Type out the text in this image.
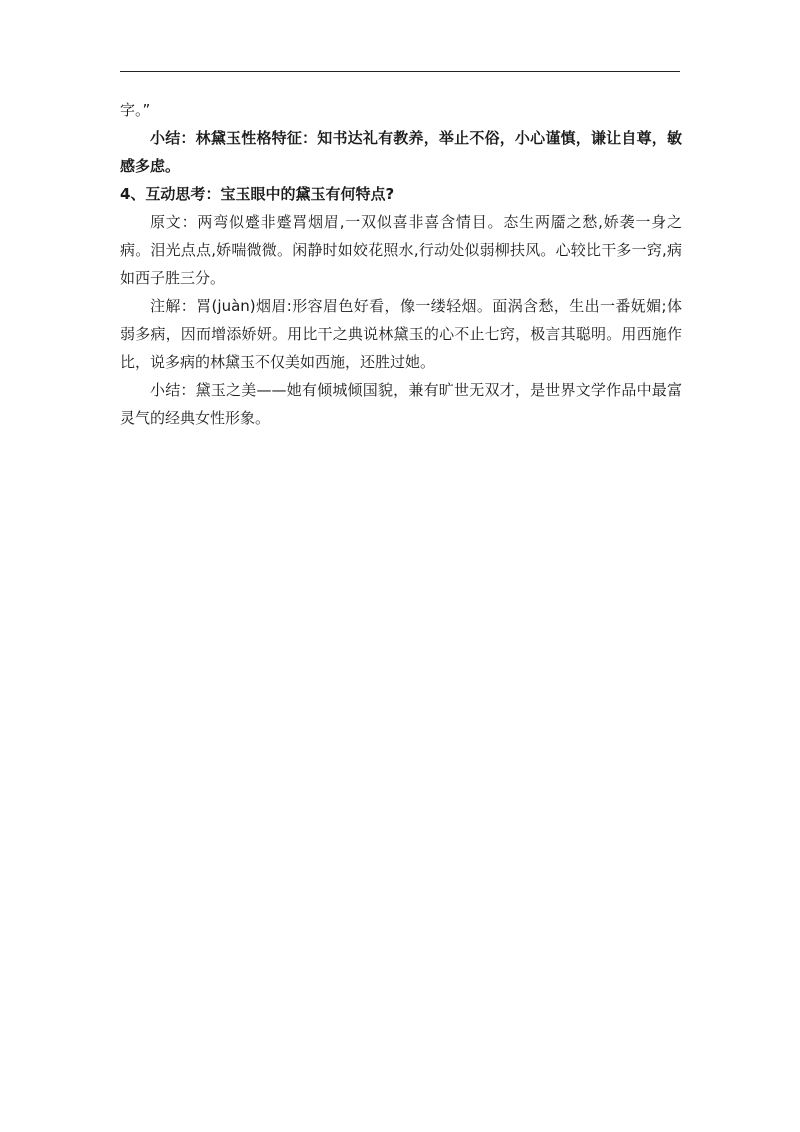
字。”

小结：林黛玉性格特征：知书达礼有教养，举止不俗，小心谨慎，谦让自尊，敏感多虑。

4、互动思考：宝玉眼中的黛玉有何特点?

原文：两弯似蹙非蹙罥烟眉,一双似喜非喜含情目。态生两靥之愁,娇袭一身之病。泪光点点,娇喘微微。闲静时如姣花照水,行动处似弱柳扶风。心较比干多一窍,病如西子胜三分。

注解：罥(juàn)烟眉:形容眉色好看，像一缕轻烟。面涡含愁，生出一番妩媚;体弱多病，因而增添娇妍。用比干之典说林黛玉的心不止七窍，极言其聪明。用西施作比，说多病的林黛玉不仅美如西施，还胜过她。

小结：黛玉之美——她有倾城倾国貌，兼有旷世无双才，是世界文学作品中最富灵气的经典女性形象。
